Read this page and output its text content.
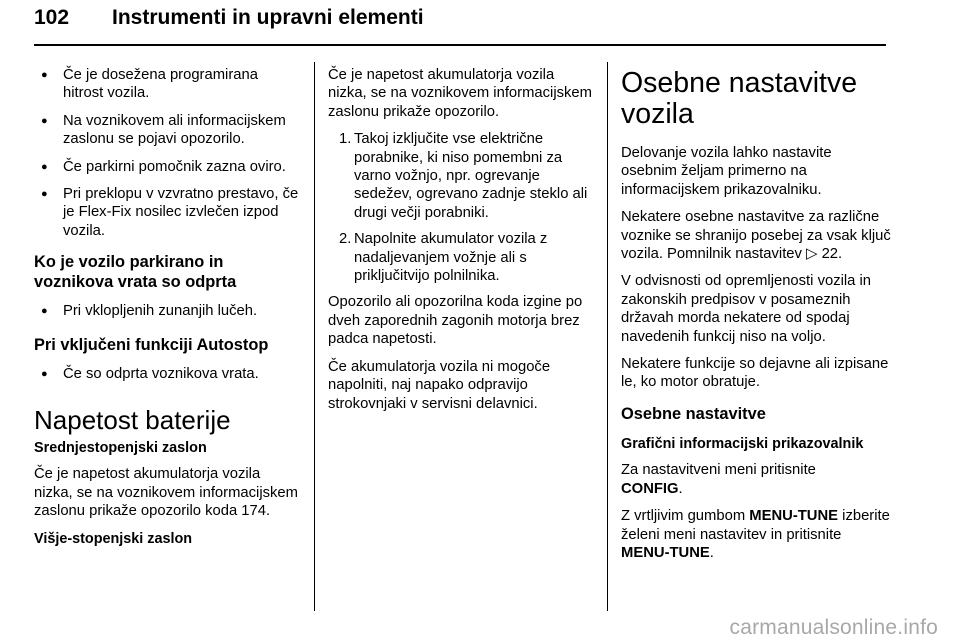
102 Instrumenti in upravni elementi
● Če je dosežena programirana hitrost vozila.
● Na voznikovem ali informacijskem zaslonu se pojavi opozorilo.
● Če parkirni pomočnik zazna oviro.
● Pri preklopu v vzvratno prestavo, če je Flex-Fix nosilec izvlečen izpod vozila.
Ko je vozilo parkirano in
voznikova vrata so odprta
● Pri vklopljenih zunanjih lučeh.
Pri vključeni funkciji Autostop
● Če so odprta voznikova vrata.
Napetost baterije
Srednjestopenjski zaslon

Če je napetost akumulatorja vozila nizka, se na voznikovem informacijskem zaslonu prikaže opozorilo koda 174.

Višje-stopenjski zaslon

Če je napetost akumulatorja vozila nizka, se na voznikovem informacijskem zaslonu prikaže opozorilo.

1. Takoj izključite vse električne porabnike, ki niso pomembni za varno vožnjo, npr. ogrevanje sedežev, ogrevano zadnje steklo ali drugi večji porabniki.
2. Napolnite akumulator vozila z nadaljevanjem vožnje ali s priključitvijo polnilnika.

Opozorilo ali opozorilna koda izgine po dveh zaporednih zagonih motorja brez padca napetosti.

Če akumulatorja vozila ni mogoče napolniti, naj napako odpravijo strokovnjaki v servisni delavnici.

Osebne nastavitve vozila

Delovanje vozila lahko nastavite osebnim željam primerno na informacijskem prikazovalniku.

Nekatere osebne nastavitve za različne voznike se shranijo posebej za vsak ključ vozila. Pomnilnik nastavitev ▷ 22.

V odvisnosti od opremljenosti vozila in zakonskih predpisov v posameznih državah morda nekatere od spodaj navedenih funkcij niso na voljo.

Nekatere funkcije so dejavne ali izpisane le, ko motor obratuje.

Osebne nastavitve
Grafični informacijski prikazovalnik

Za nastavitveni meni pritisnite
CONFIG.

Z vrtljivim gumbom MENU-TUNE izberite želeni meni nastavitev in pritisnite MENU-TUNE.

carmanualsonline.info
